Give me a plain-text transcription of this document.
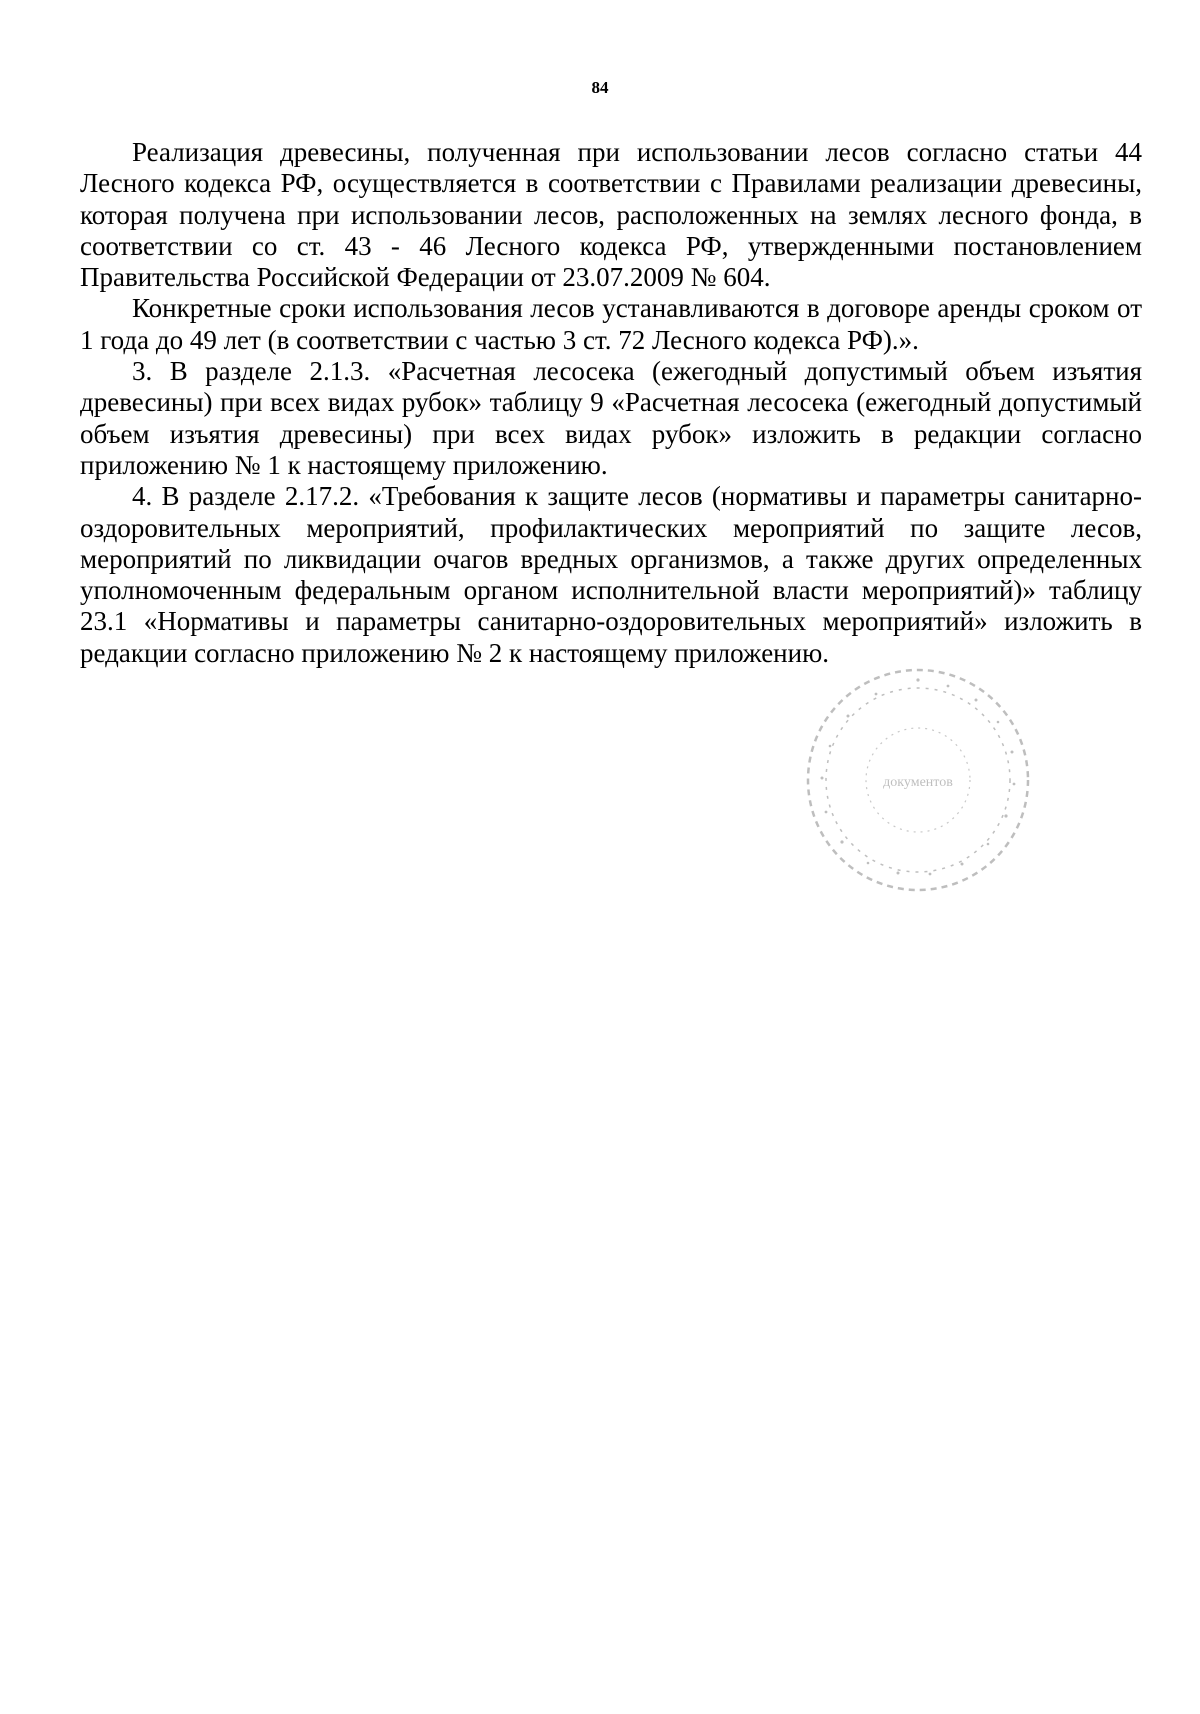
84

Реализация древесины, полученная при использовании лесов согласно статьи 44 Лесного кодекса РФ, осуществляется в соответствии с Правилами реализации древесины, которая получена при использовании лесов, расположенных на землях лесного фонда, в соответствии со ст. 43 - 46 Лесного кодекса РФ, утвержденными постановлением Правительства Российской Федерации от 23.07.2009 № 604.

Конкретные сроки использования лесов устанавливаются в договоре аренды сроком от 1 года до 49 лет (в соответствии с частью 3 ст. 72 Лесного кодекса РФ).».

3. В разделе 2.1.3. «Расчетная лесосека (ежегодный допустимый объем изъятия древесины) при всех видах рубок» таблицу 9 «Расчетная лесосека (ежегодный допустимый объем изъятия древесины) при всех видах рубок» изложить в редакции согласно приложению № 1 к настоящему приложению.

4. В разделе 2.17.2. «Требования к защите лесов (нормативы и параметры санитарно-оздоровительных мероприятий, профилактических мероприятий по защите лесов, мероприятий по ликвидации очагов вредных организмов, а также других определенных уполномоченным федеральным органом исполнительной власти мероприятий)» таблицу 23.1 «Нормативы и параметры санитарно-оздоровительных мероприятий» изложить в редакции согласно приложению № 2 к настоящему приложению.

документов
